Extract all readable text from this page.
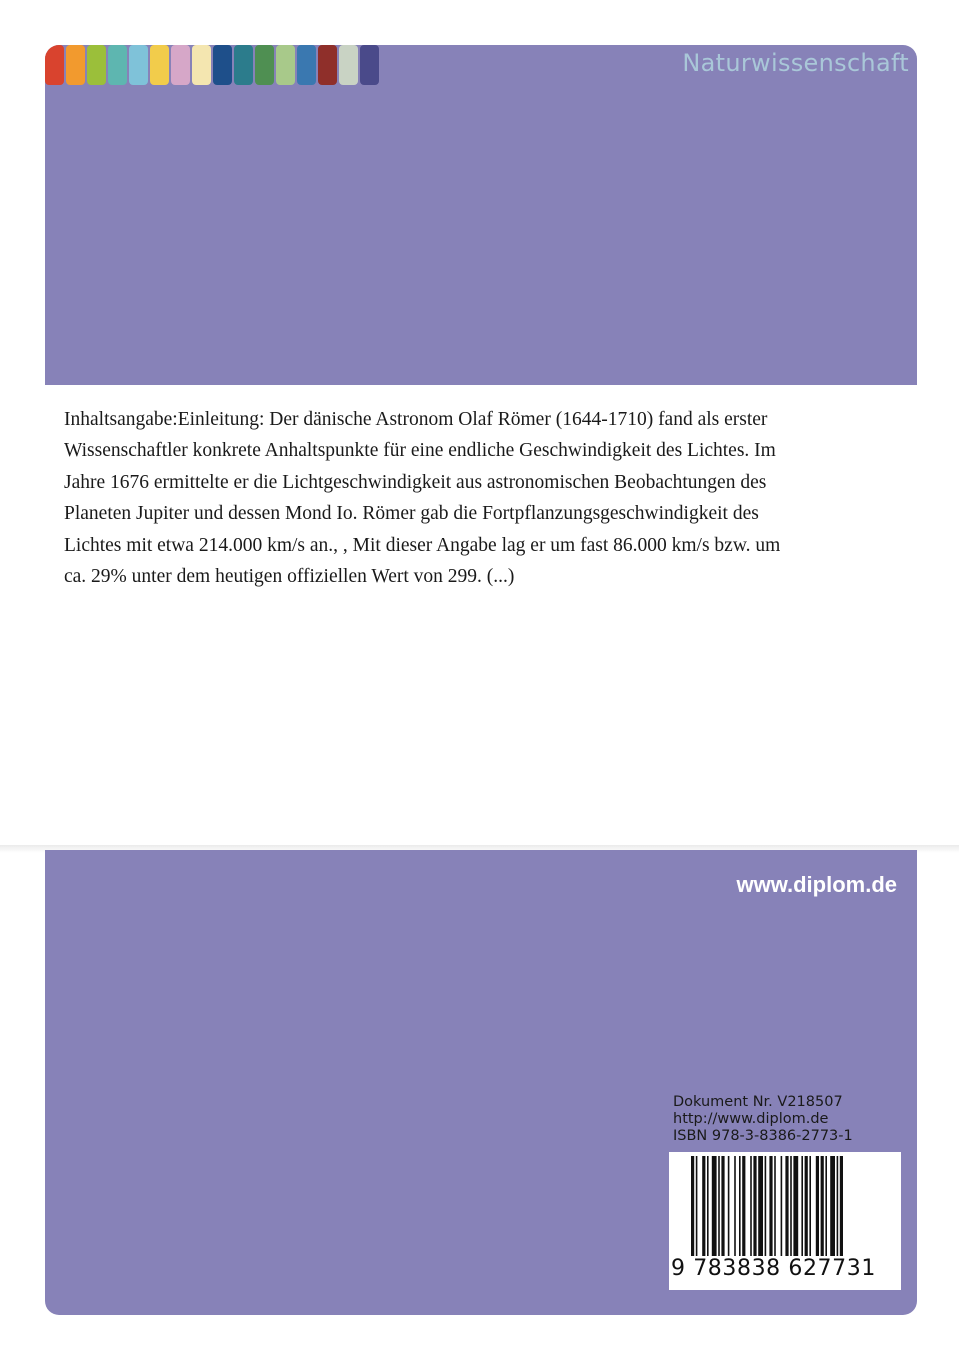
Naturwissenschaft

Inhaltsangabe:Einleitung: Der dänische Astronom Olaf Römer (1644-1710) fand als erster Wissenschaftler konkrete Anhaltspunkte für eine endliche Geschwindigkeit des Lichtes. Im Jahre 1676 ermittelte er die Lichtgeschwindigkeit aus astronomischen Beobachtungen des Planeten Jupiter und dessen Mond Io. Römer gab die Fortpflanzungsgeschwindigkeit des Lichtes mit etwa 214.000 km/s an., , Mit dieser Angabe lag er um fast 86.000 km/s bzw. um ca. 29% unter dem heutigen offiziellen Wert von 299. (...)

www.diplom.de
Dokument Nr. V218507
http://www.diplom.de
ISBN 978-3-8386-2773-1
9 783838 627731
